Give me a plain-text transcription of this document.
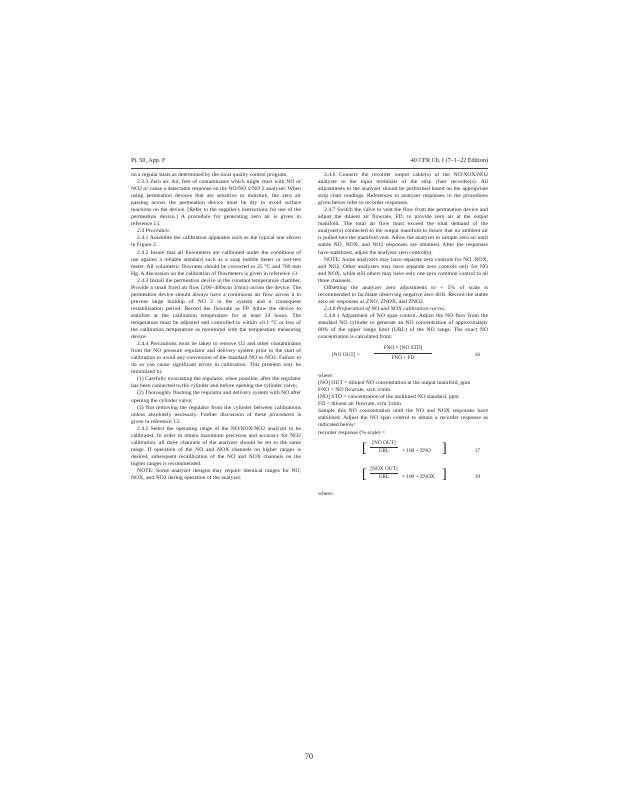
Pt. 50, App. F	40 CFR Ch. I (7–1–22 Edition)

on a regular basis as determined by the local quality control program.

2.3.3 Zero air. Air, free of contaminants which might react with NO or NO2 or cause a detectable response on the NO/NO x/NO 2 analyzer. When using permeation devices that are sensitive to moisture, the zero air passing across the permeation device must be dry to avoid surface reactions on the device. (Refer to the supplier's instructions for use of the permeation device.) A procedure for generating zero air is given in reference 13.

2.4 Procedure.

2.4.1 Assemble the calibration apparatus such as the typical one shown in Figure 2.

2.4.2 Insure that all flowmeters are calibrated under the conditions of use against a reliable standard such as a soap bubble meter or wet-test meter. All volumetric flowrates should be corrected to 25 °C and 760 mm Hg. A discussion on the calibration of flowmeters is given in reference 13.

2.4.3 Install the permeation device in the constant temperature chamber. Provide a small fixed air flow (200–400scm 3/min) across the device. The permeation device should always have a continuous air flow across it to prevent large buildup of NO 2 in the system and a consequent restabilization period. Record the flowrate as FP. Allow the device to stabilize at the calibration temperature for at least 24 hours. The temperature must be adjusted and controlled to within ±0.1 °C or less of the calibration temperature as monitored with the temperature measuring device.

2.4.4 Precautions must be taken to remove O2 and other contaminants from the NO pressure regulator and delivery system prior to the start of calibration to avoid any conversion of the standard NO to NO2. Failure to do so can cause significant errors in calibration. This problem may be minimized by

(1) Carefully evacuating the regulator, when possible, after the regulator has been connected to the cylinder and before opening the cylinder valve;

(2) Thoroughly flushing the regulator and delivery system with NO after opening the cylinder valve;

(3) Not removing the regulator from the cylinder between calibrations unless absolutely necessary. Further discussion of these procedures is given in reference 13.

2.4.5 Select the operating range of the NO/NOX/NO2 analyzer to be calibrated. In order to obtain maximum precision and accuracy for NO2 calibration, all three channels of the analyzer should be set to the same range. If operation of the NO and NOX channels on higher ranges is desired, subsequent recalibration of the NO and NOX channels on the higher ranges is recommended.

NOTE: Some analyzer designs may require identical ranges for NO, NOX, and NO2 during operation of the analyzer.

2.4.6 Connect the recorder output cable(s) of the NO/NOX/NO2 analyzer to the input terminals of the strip chart recorder(s). All adjustments to the analyzer should be performed based on the appropriate strip chart readings. References to analyzer responses in the procedures given below refer to recorder responses.

2.4.7 Switch the valve to vent the flow from the permeation device and adjust the diluent air flowrate, FD, to provide zero air at the output manifold. The total air flow must exceed the total demand of the analyzer(s) connected to the output manifold to insure that no ambient air is pulled into the manifold vent. Allow the analyzer to sample zero air until stable NO, NOX, and NO2 responses are obtained. After the responses have stabilized, adjust the analyzer zero control(s).

NOTE: Some analyzers may have separate zero controls for NO, NOX, and NO2. Other analyzers may have separate zero controls only for NO and NOX, while still others may have only one zero common control to all three channels.

Offsetting the analyzer zero adjustments to + 5% of scale is recommended to facilitate observing negative zero drift. Record the stable zero air responses as ZNO, ZNOX, and ZNO2.

2.4.8 Preparation of NO and NOX calibration curves.

2.4.8.1 Adjustment of NO span control. Adjust the NO flow from the standard NO cylinder to generate an NO concentration of approximately 80% of the upper range limit (URL) of the NO range. The exact NO concentration is calculated from:

[NO OUT] =
FNO × [NO STD]
FNO + FD
16

where:

[NO] OUT = diluted NO concentration at the output manifold, ppm

FNO = NO flowrate, scm 3/min

[NO] STD = concentration of the undiluted NO standard, ppm

FD = diluent air flowrate, scm 3/min

Sample this NO concentration until the NO and NOX responses have stabilized. Adjust the NO span control to obtain a recorder response as indicated below:

recorder response (% scale) =

[	[NO OUT]
URL	× 100 + ZNO ]	17
[ [NOX OUT]
URL	× 100 + ZNOX ]	19

where:

70
